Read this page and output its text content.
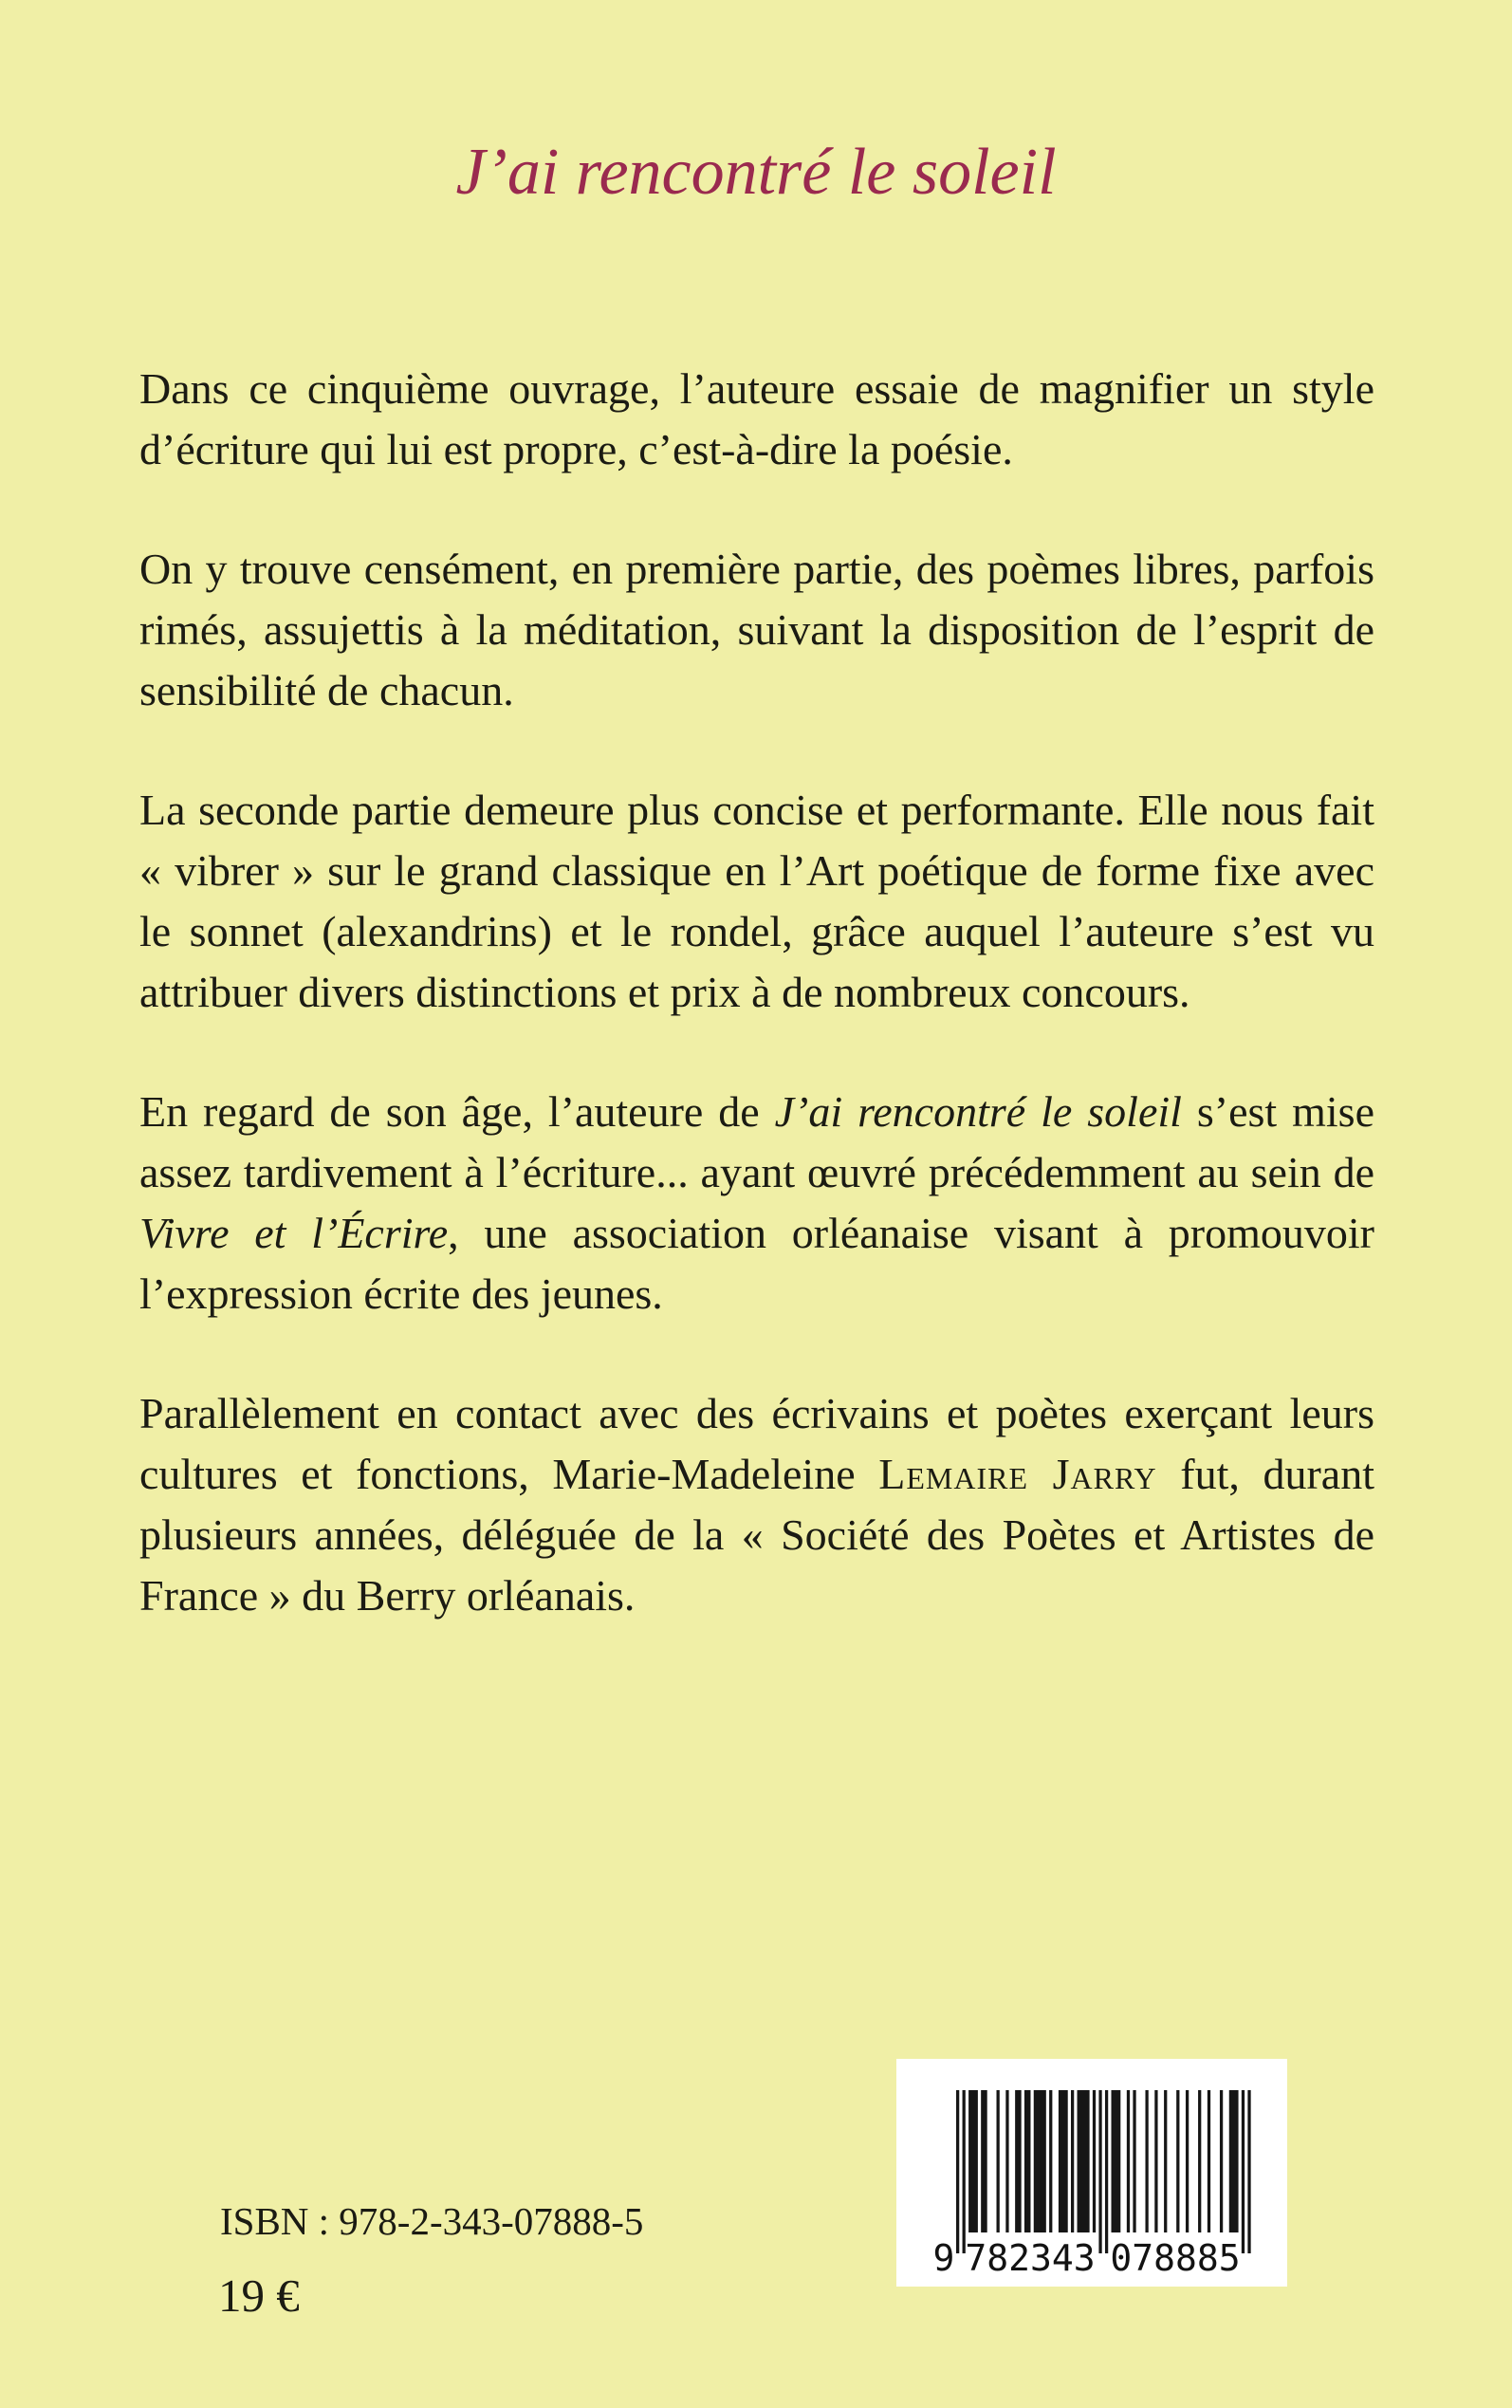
J’ai rencontré le soleil

Dans ce cinquième ouvrage, l’auteure essaie de magnifier un style d’écriture qui lui est propre, c’est-à-dire la poésie.

On y trouve censément, en première partie, des poèmes libres, parfois rimés, assujettis à la méditation, suivant la disposition de l’esprit de sensibilité de chacun.

La seconde partie demeure plus concise et performante. Elle nous fait « vibrer » sur le grand classique en l’Art poétique de forme fixe avec le sonnet (alexandrins) et le rondel, grâce auquel l’auteure s’est vu attribuer divers distinctions et prix à de nombreux concours.

En regard de son âge, l’auteure de J’ai rencontré le soleil s’est mise assez tardivement à l’écriture... ayant œuvré précédemment au sein de Vivre et l’Écrire, une association orléanaise visant à promouvoir l’expression écrite des jeunes.

Parallèlement en contact avec des écrivains et poètes exerçant leurs cultures et fonctions, Marie-Madeleine Lemaire Jarry fut, durant plusieurs années, déléguée de la « Société des Poètes et Artistes de France » du Berry orléanais.

ISBN : 978-2-343-07888-5
19 €
9 782343 078885
